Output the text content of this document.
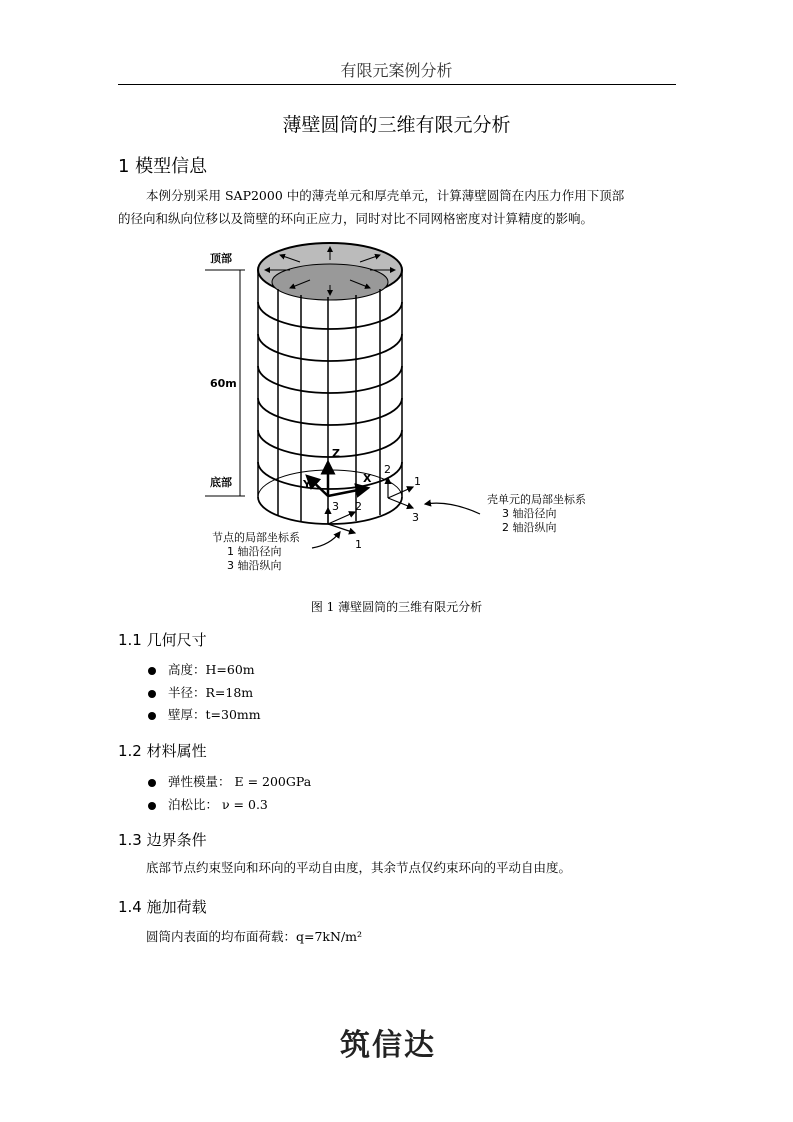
有限元案例分析
薄壁圆筒的三维有限元分析
1 模型信息
本例分别采用 SAP2000 中的薄壳单元和厚壳单元，计算薄壁圆筒在内压力作用下顶部
的径向和纵向位移以及筒壁的环向正应力，同时对比不同网格密度对计算精度的影响。
顶部
60m
底部
Z
X
Y
3 2
1
2
1
3
壳单元的局部坐标系
3 轴沿径向
2 轴沿纵向
节点的局部坐标系
1 轴沿径向
3 轴沿纵向
图 1 薄壁圆筒的三维有限元分析
1.1 几何尺寸
高度：H=60m
半径：R=18m
壁厚：t=30mm
1.2 材料属性
弹性模量： E = 200GPa
泊松比： ν = 0.3
1.3 边界条件
底部节点约束竖向和环向的平动自由度，其余节点仅约束环向的平动自由度。
1.4 施加荷载
圆筒内表面的均布面荷载：q=7kN/m²
筑信达
